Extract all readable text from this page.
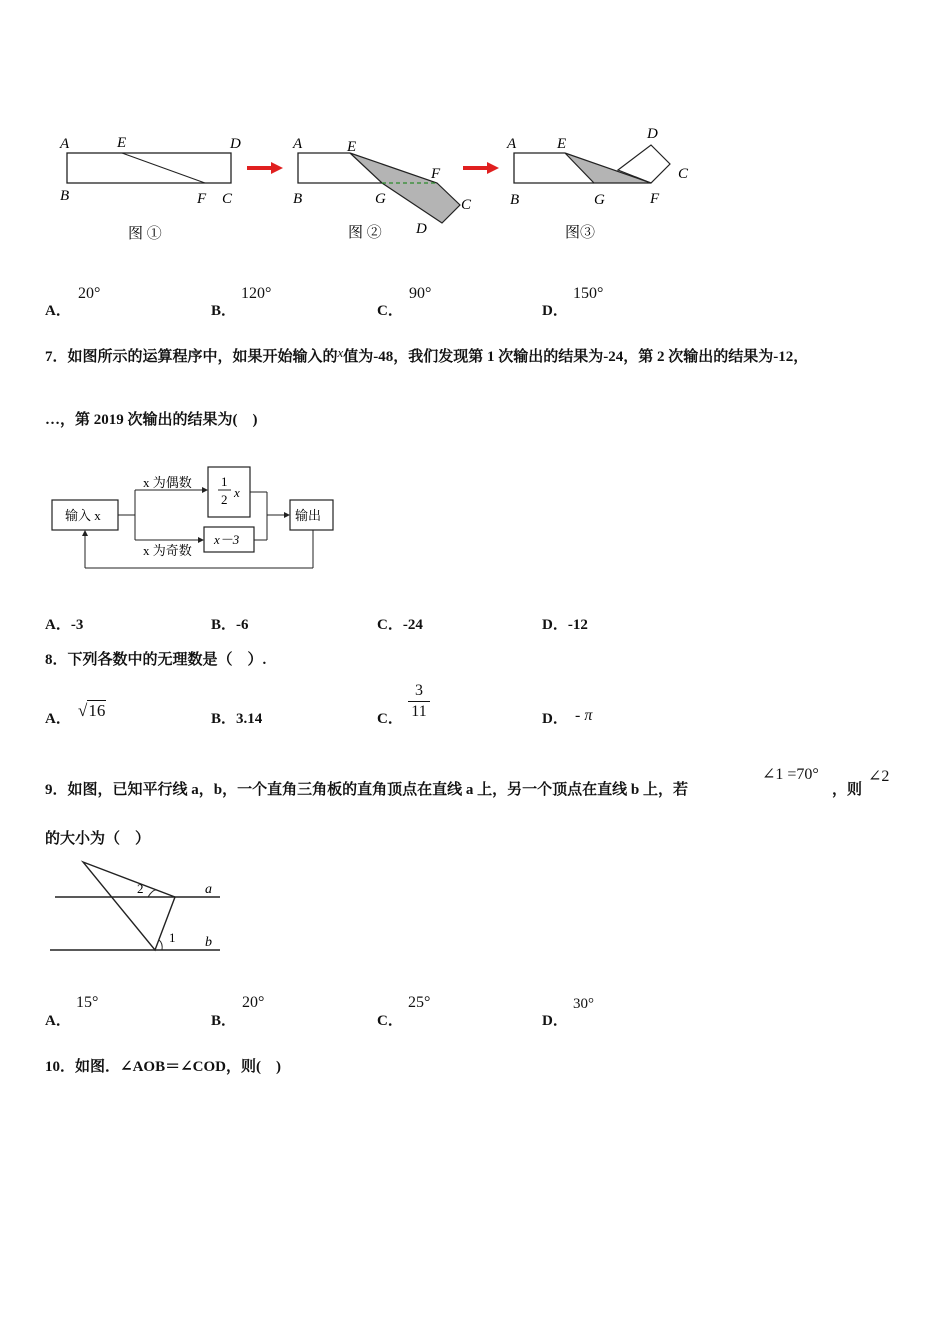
A	E	D
B	F C
图 ①
A	E
F
B	G	C
D
图 ②
A	E
D
C
B	G	F
图③
A．
20°
B．
120°
C．
90°
D．
150°
7．如图所示的运算程序中，如果开始输入的x值为-48，我们发现第 1 次输出的结果为-24，第 2 次输出的结果为-12，
…，第 2019 次输出的结果为(　)
输入 x
x 为偶数
x 为奇数
1
2 x
x－3
输出
A．-3	B．-6	C．-24	D．-12
8．下列各数中的无理数是（　）.
A． √16	B．3.14	C． $\frac{3}{11}$	D． - π
9．如图，已知平行线 a，b，一个直角三角板的直角顶点在直线 a 上，另一个顶点在直线 b 上，若
∠1 =70°
，则
∠2
的大小为（　）
a
b
1
2
A．
15°
B．
20°
C．
25°
D．
30°
10．如图．∠AOB＝∠COD，则(　)
